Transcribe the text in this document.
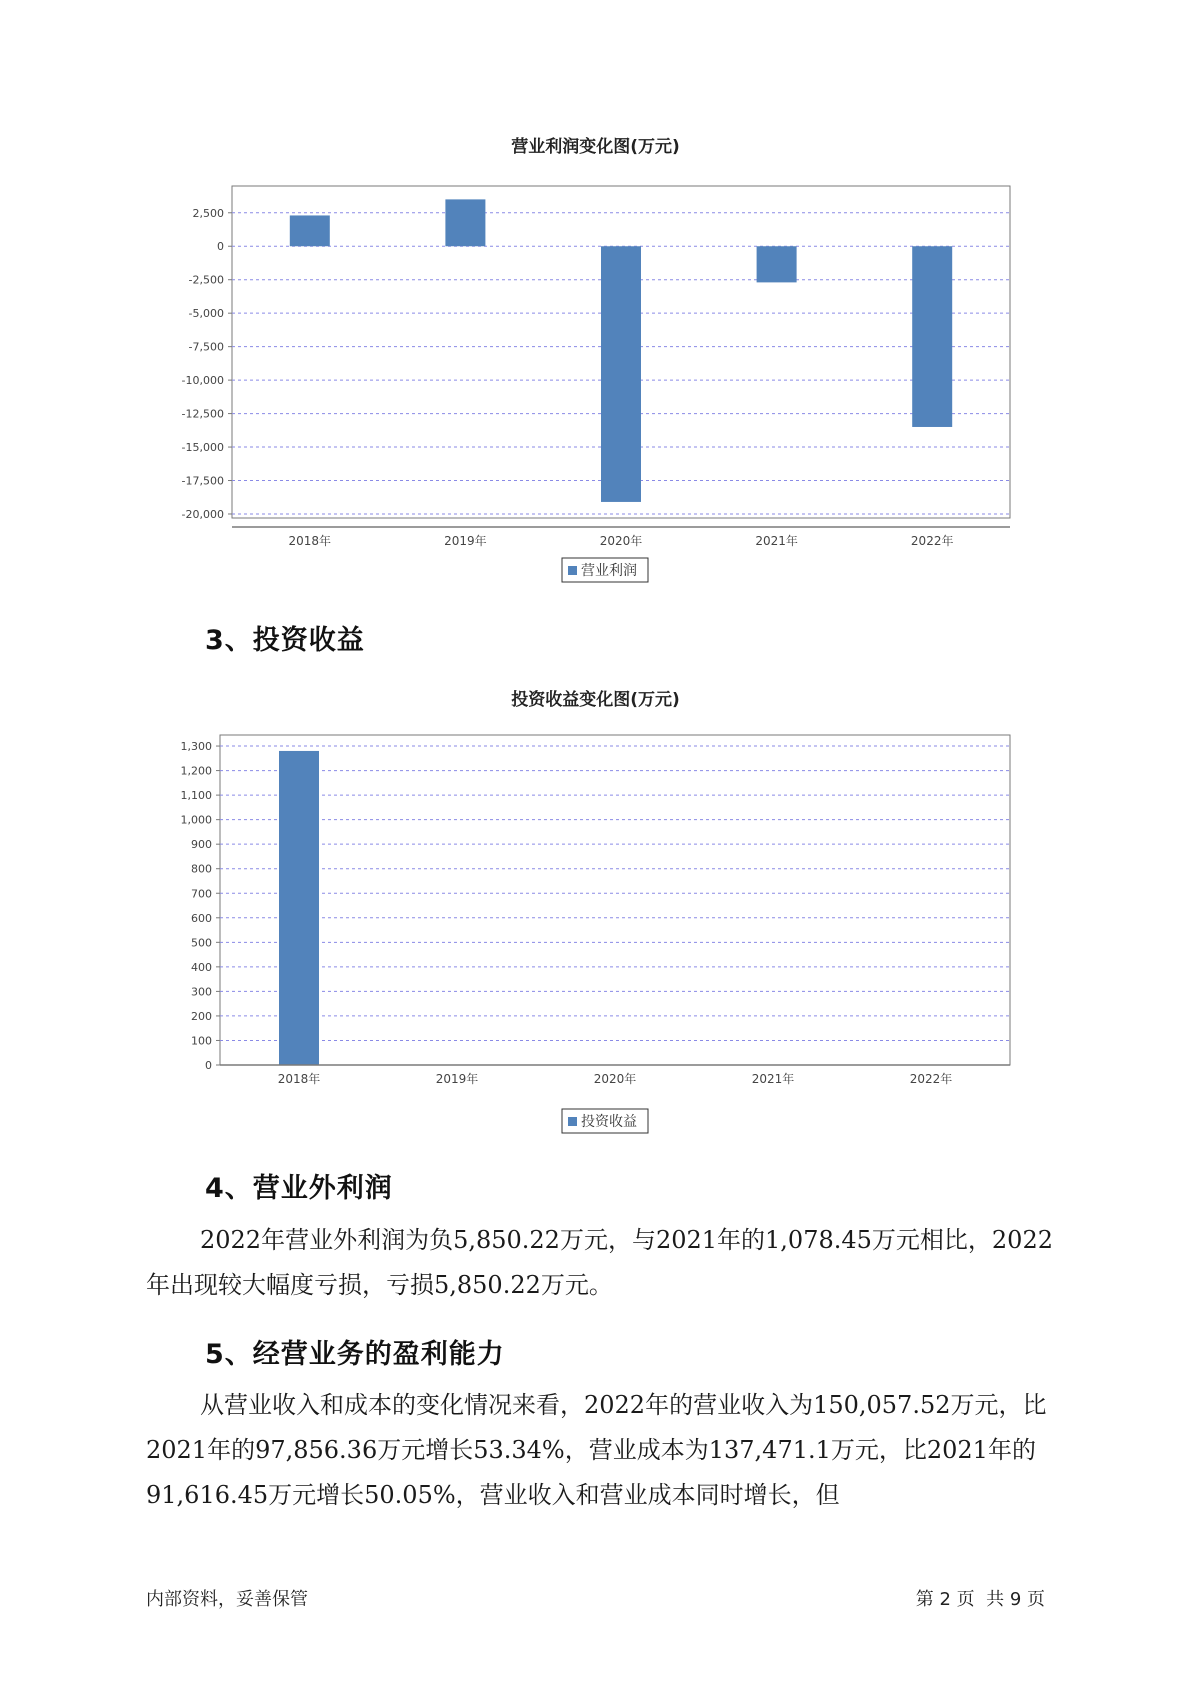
营业利润变化图(万元)
2,500
0
-2,500
-5,000
-7,500
-10,000
-12,500
-15,000
-17,500
-20,000
2018年	2019年	2020年	2021年	2022年
营业利润
3、投资收益
投资收益变化图(万元)
0
100
200
300
400
500
600
700
800
900
1,000
1,100
1,200
1,300
2018年	2019年	2020年	2021年	2022年
投资收益
4、营业外利润

2022年营业外利润为负5,850.22万元，与2021年的1,078.45万元相比，2022年出现较大幅度亏损，亏损5,850.22万元。

5、经营业务的盈利能力

从营业收入和成本的变化情况来看，2022年的营业收入为150,057.52万元，比2021年的97,856.36万元增长53.34%，营业成本为137,471.1万元，比2021年的91,616.45万元增长50.05%，营业收入和营业成本同时增长，但

内部资料，妥善保管	第 2 页  共 9 页
